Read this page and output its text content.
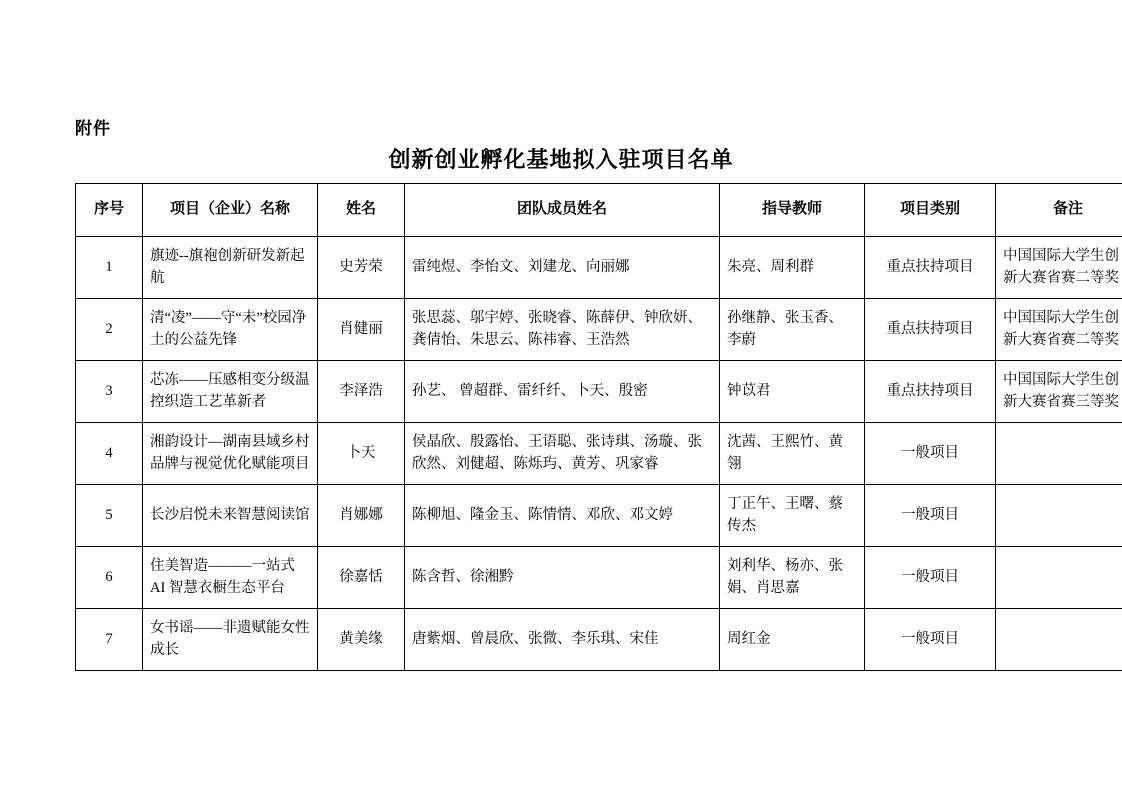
附件
创新创业孵化基地拟入驻项目名单
序号	项目（企业）名称	姓名	团队成员姓名	指导教师	项目类别	备注
1	旗迹--旗袍创新研发新起航	史芳荣	雷纯煜、李怡文、刘建龙、向丽娜	朱亮、周利群	重点扶持项目	中国国际大学生创新大赛省赛二等奖
2	清“凌”——守“未”校园净土的公益先锋	肖健丽	张思蕊、邬宇婷、张晓睿、陈薛伊、钟欣妍、龚倩怡、朱思云、陈祎睿、王浩然	孙继静、张玉香、李蔚	重点扶持项目	中国国际大学生创新大赛省赛二等奖
3	芯冻——压感相变分级温控织造工艺革新者	李泽浩	孙艺、 曾超群、雷纤纤、卜天、殷密	钟苡君	重点扶持项目	中国国际大学生创新大赛省赛三等奖
4	湘韵设计—湖南县域乡村品牌与视觉优化赋能项目	卜天	侯晶欣、殷露怡、王语聪、张诗琪、汤璇、张欣然、刘健超、陈烁玙、黄芳、巩家睿	沈茜、王熙竹、黄翎	一般项目	
5	长沙启悦未来智慧阅读馆	肖娜娜	陈柳旭、隆金玉、陈情情、邓欣、邓文婷	丁正午、王曙、蔡传杰	一般项目	
6	住美智造———一站式AI 智慧衣橱生态平台	徐嘉恬	陈含哲、徐湘黔	刘利华、杨亦、张娟、肖思嘉	一般项目	
7	女书谣——非遗赋能女性成长	黄美缘	唐紫烟、曾晨欣、张微、李乐琪、宋佳	周红金	一般项目	
